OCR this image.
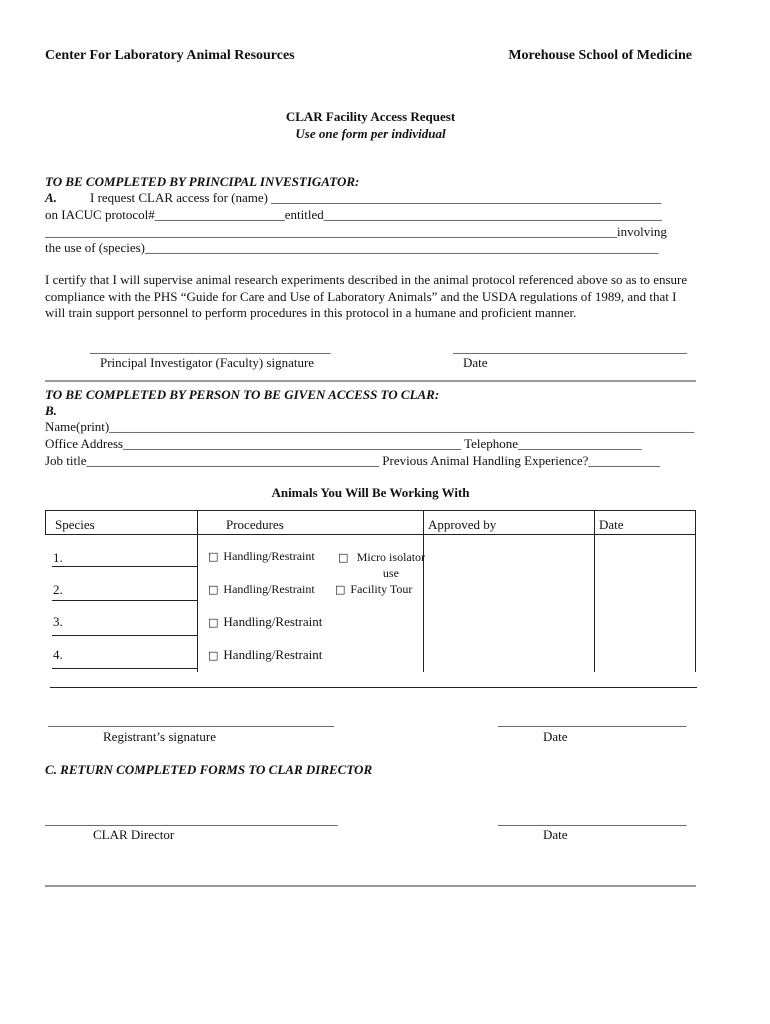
Center For Laboratory Animal Resources	Morehouse School of Medicine
CLAR Facility Access Request
Use one form per individual
TO BE COMPLETED BY PRINCIPAL INVESTIGATOR:
A.	I request CLAR access for (name) ____________________________________________________________
on IACUC protocol#____________________entitled____________________________________________________
________________________________________________________________________________________involving
the use of (species)_______________________________________________________________________________
I certify that I will supervise animal research experiments described in the animal protocol referenced above so as to ensure compliance with the PHS “Guide for Care and Use of Laboratory Animals” and the USDA regulations of 1989, and that I will train support personnel to perform procedures in this protocol in a humane and proficient manner.
_____________________________________
Principal Investigator (Faculty) signature
____________________________________
Date
TO BE COMPLETED BY PERSON TO BE GIVEN ACCESS TO CLAR:
B.
Name(print)__________________________________________________________________________________________
Office Address____________________________________________________ Telephone___________________
Job title_____________________________________________ Previous Animal Handling Experience?___________
Animals You Will Be Working With
Species	Procedures	Approved by	Date
1.	□ Handling/Restraint □ Micro isolator use
2.	□ Handling/Restraint □ Facility Tour
3.	□ Handling/Restraint
4.	□ Handling/Restraint
____________________________________________
Registrant’s signature
_____________________________
Date
C. RETURN COMPLETED FORMS TO CLAR DIRECTOR
_____________________________________________
CLAR Director
_____________________________
Date
